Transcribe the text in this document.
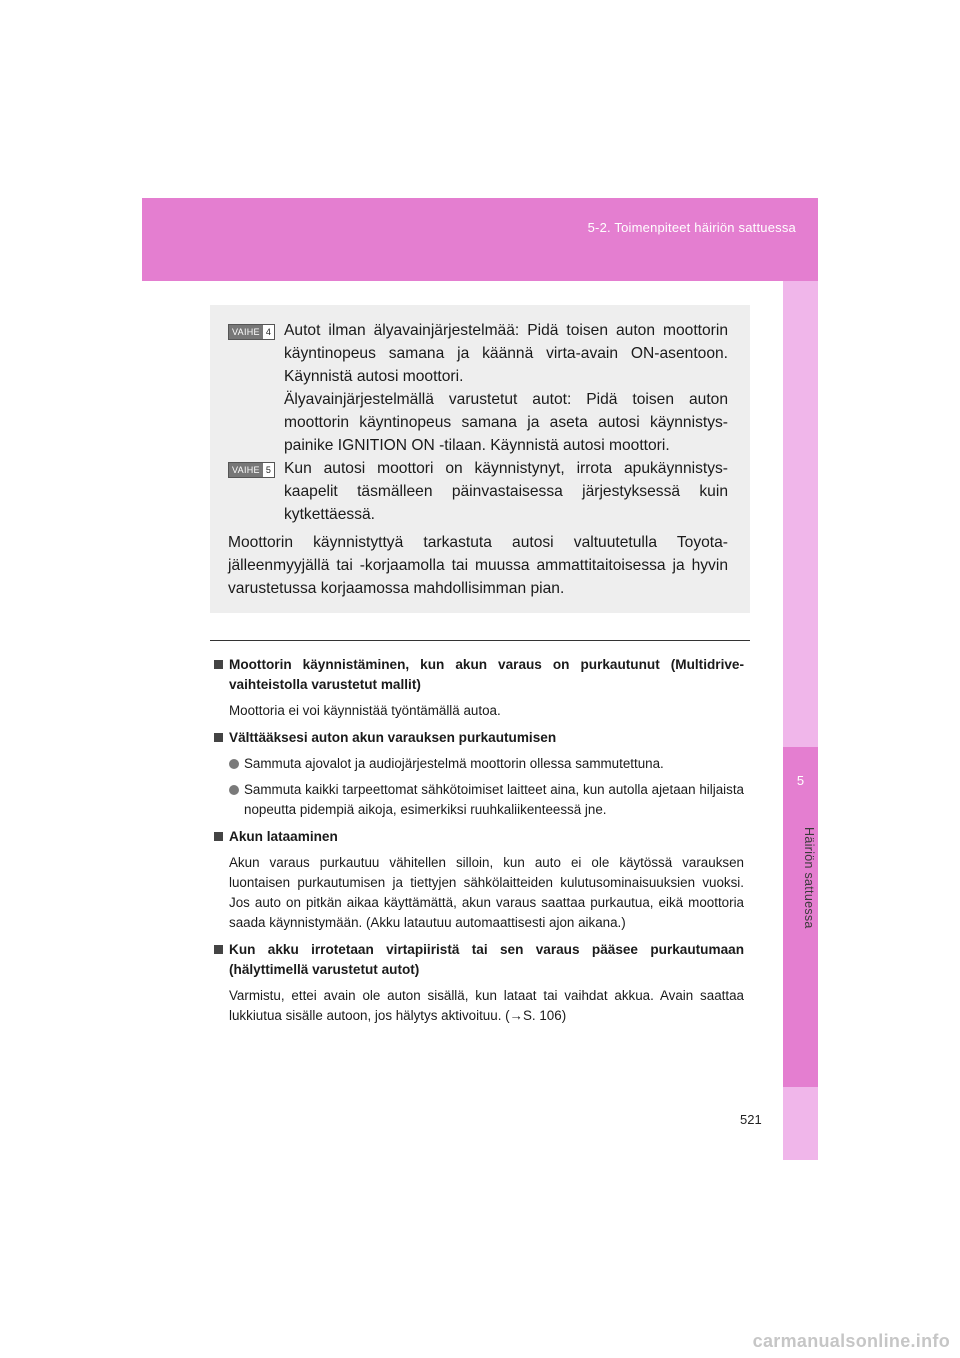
5-2. Toimenpiteet häiriön sattuessa
5
Häiriön sattuessa
VAIHE 4 Autot ilman älyavainjärjestelmää: Pidä toisen auton moottorin käyntinopeus samana ja käännä virta-avain ON-asentoon. Käynnistä autosi moottori.
Älyavainjärjestelmällä varustetut autot: Pidä toisen auton moottorin käyntinopeus samana ja aseta autosi käynnistys-painike IGNITION ON -tilaan. Käynnistä autosi moottori.
VAIHE 5 Kun autosi moottori on käynnistynyt, irrota apukäynnistys-kaapelit täsmälleen päinvastaisessa järjestyksessä kuin kytkettäessä.
Moottorin käynnistyttyä tarkastuta autosi valtuutetulla Toyota-jälleenmyyjällä tai -korjaamolla tai muussa ammattitaitoisessa ja hyvin varustetussa korjaamossa mahdollisimman pian.
Moottorin käynnistäminen, kun akun varaus on purkautunut (Multidrive-vaihteistolla varustetut mallit)
Moottoria ei voi käynnistää työntämällä autoa.
Välttääksesi auton akun varauksen purkautumisen
Sammuta ajovalot ja audiojärjestelmä moottorin ollessa sammutettuna.
Sammuta kaikki tarpeettomat sähkötoimiset laitteet aina, kun autolla ajetaan hiljaista nopeutta pidempiä aikoja, esimerkiksi ruuhkaliikenteessä jne.
Akun lataaminen
Akun varaus purkautuu vähitellen silloin, kun auto ei ole käytössä varauksen luontaisen purkautumisen ja tiettyjen sähkölaitteiden kulutusominaisuuksien vuoksi. Jos auto on pitkän aikaa käyttämättä, akun varaus saattaa purkautua, eikä moottoria saada käynnistymään. (Akku latautuu automaattisesti ajon aikana.)
Kun akku irrotetaan virtapiiristä tai sen varaus pääsee purkautumaan (hälyttimellä varustetut autot)
Varmistu, ettei avain ole auton sisällä, kun lataat tai vaihdat akkua. Avain saattaa lukkiutua sisälle autoon, jos hälytys aktivoituu. (→S. 106)
521
carmanualsonline.info
